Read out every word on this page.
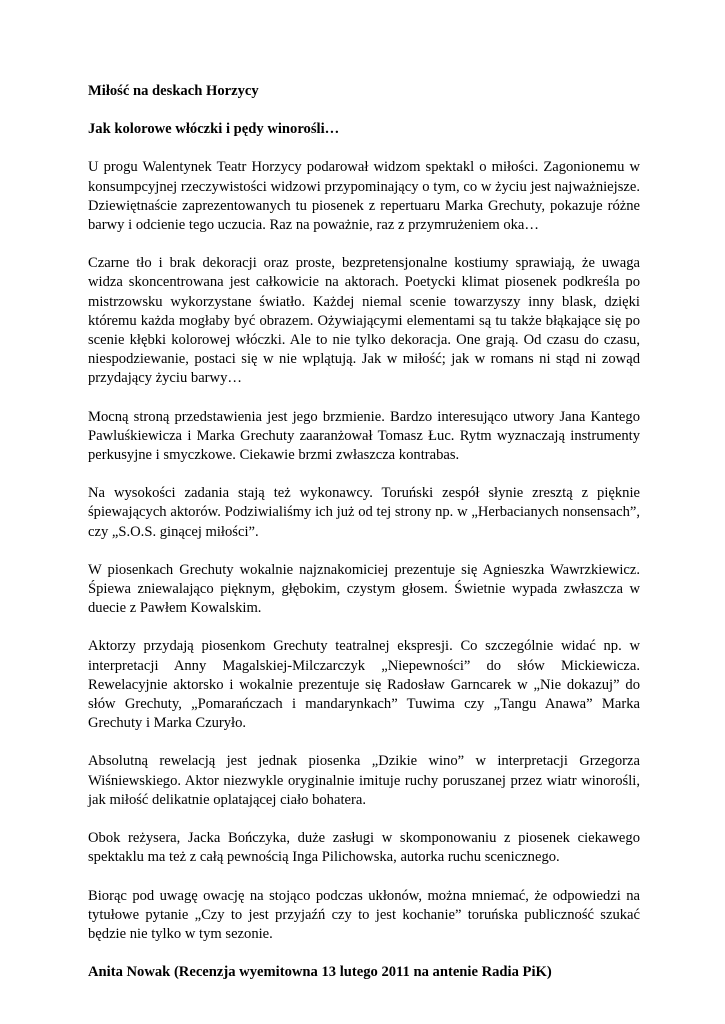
Miłość na deskach Horzycy

Jak kolorowe włóczki i pędy winorośli…

U progu Walentynek Teatr Horzycy podarował widzom spektakl o miłości. Zagonionemu w konsumpcyjnej rzeczywistości widzowi przypominający o tym, co w życiu jest najważniejsze. Dziewiętnaście zaprezentowanych tu piosenek z repertuaru Marka Grechuty, pokazuje różne barwy i odcienie tego uczucia. Raz na poważnie, raz z przymrużeniem oka…

Czarne tło i brak dekoracji oraz proste, bezpretensjonalne kostiumy sprawiają, że uwaga widza skoncentrowana jest całkowicie na aktorach. Poetycki klimat piosenek podkreśla po mistrzowsku wykorzystane światło. Każdej niemal scenie towarzyszy inny blask, dzięki któremu każda mogłaby być obrazem. Ożywiającymi elementami są tu także błąkające się po scenie kłębki kolorowej włóczki. Ale to nie tylko dekoracja. One grają. Od czasu do czasu, niespodziewanie, postaci się w nie wplątują. Jak w miłość; jak w romans ni stąd ni zowąd przydający życiu barwy…

Mocną stroną przedstawienia jest jego brzmienie. Bardzo interesująco utwory Jana Kantego Pawluśkiewicza i Marka Grechuty zaaranżował Tomasz Łuc. Rytm wyznaczają instrumenty perkusyjne i smyczkowe. Ciekawie brzmi zwłaszcza kontrabas.

Na wysokości zadania stają też wykonawcy. Toruński zespół słynie zresztą z pięknie śpiewających aktorów. Podziwialiśmy ich już od tej strony np. w „Herbacianych nonsensach”, czy „S.O.S. ginącej miłości”.

W piosenkach Grechuty wokalnie najznakomiciej prezentuje się Agnieszka Wawrzkiewicz. Śpiewa zniewalająco pięknym, głębokim, czystym głosem. Świetnie wypada zwłaszcza w duecie z Pawłem Kowalskim.

Aktorzy przydają piosenkom Grechuty teatralnej ekspresji. Co szczególnie widać np. w interpretacji Anny Magalskiej-Milczarczyk „Niepewności” do słów Mickiewicza. Rewelacyjnie aktorsko i wokalnie prezentuje się Radosław Garncarek w „Nie dokazuj” do słów Grechuty, „Pomarańczach i mandarynkach” Tuwima czy „Tangu Anawa” Marka Grechuty i Marka Czuryło.

Absolutną rewelacją jest jednak piosenka „Dzikie wino” w interpretacji Grzegorza Wiśniewskiego. Aktor niezwykle oryginalnie imituje ruchy poruszanej przez wiatr winorośli, jak miłość delikatnie oplatającej ciało bohatera.

Obok reżysera, Jacka Bończyka, duże zasługi w skomponowaniu z piosenek ciekawego spektaklu ma też z całą pewnością Inga Pilichowska, autorka ruchu scenicznego.

Biorąc pod uwagę owację na stojąco podczas ukłonów, można mniemać, że odpowiedzi na tytułowe pytanie „Czy to jest przyjaźń czy to jest kochanie” toruńska publiczność szukać będzie nie tylko w tym sezonie.

Anita Nowak (Recenzja wyemitowna 13 lutego 2011 na antenie Radia PiK)
